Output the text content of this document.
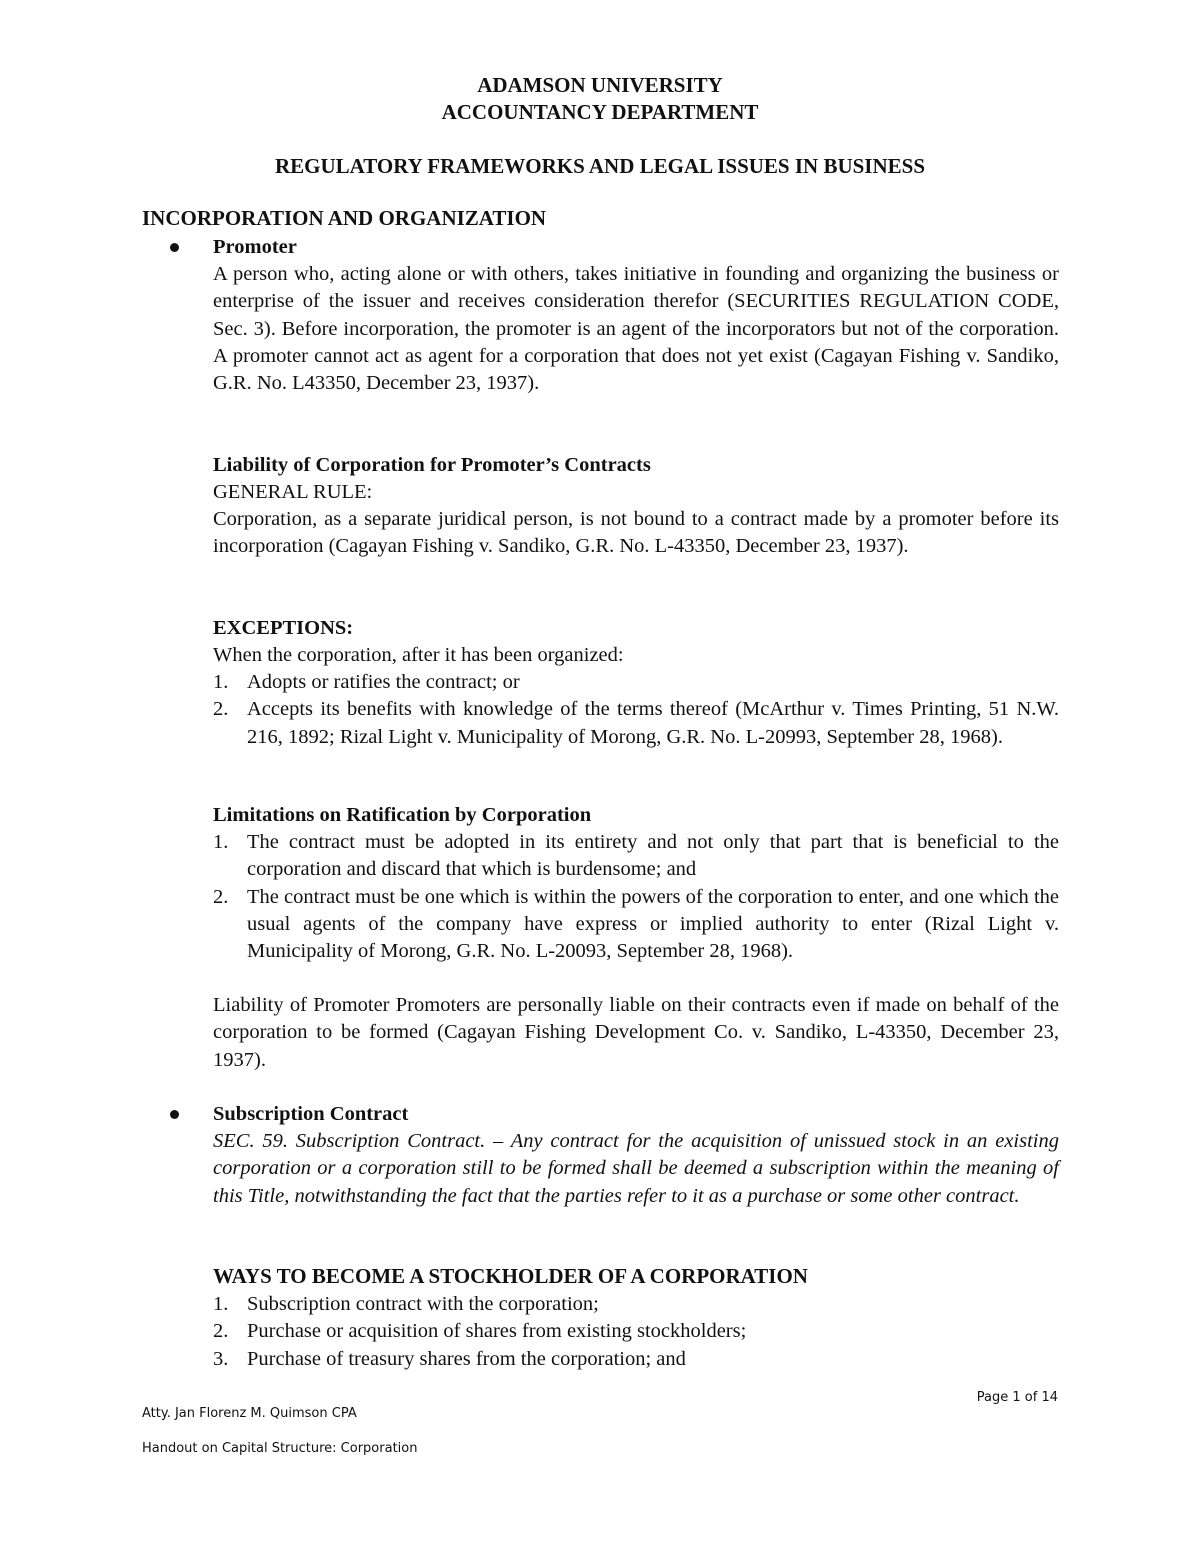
ADAMSON UNIVERSITY
ACCOUNTANCY DEPARTMENT
REGULATORY FRAMEWORKS AND LEGAL ISSUES IN BUSINESS
INCORPORATION AND ORGANIZATION
Promoter

A person who, acting alone or with others, takes initiative in founding and organizing the business or enterprise of the issuer and receives consideration therefor (SECURITIES REGULATION CODE, Sec. 3). Before incorporation, the promoter is an agent of the incorporators but not of the corporation. A promoter cannot act as agent for a corporation that does not yet exist (Cagayan Fishing v. Sandiko, G.R. No. L43350, December 23, 1937).

Liability of Corporation for Promoter’s Contracts
GENERAL RULE:

Corporation, as a separate juridical person, is not bound to a contract made by a promoter before its incorporation (Cagayan Fishing v. Sandiko, G.R. No. L-43350, December 23, 1937).

EXCEPTIONS:
When the corporation, after it has been organized:
1. Adopts or ratifies the contract; or
2. Accepts its benefits with knowledge of the terms thereof (McArthur v. Times Printing, 51 N.W. 216, 1892; Rizal Light v. Municipality of Morong, G.R. No. L-20993, September 28, 1968).
Limitations on Ratification by Corporation
1. The contract must be adopted in its entirety and not only that part that is beneficial to the corporation and discard that which is burdensome; and
2. The contract must be one which is within the powers of the corporation to enter, and one which the usual agents of the company have express or implied authority to enter (Rizal Light v. Municipality of Morong, G.R. No. L-20093, September 28, 1968).

Liability of Promoter Promoters are personally liable on their contracts even if made on behalf of the corporation to be formed (Cagayan Fishing Development Co. v. Sandiko, L-43350, December 23, 1937).

Subscription Contract

SEC. 59. Subscription Contract. – Any contract for the acquisition of unissued stock in an existing corporation or a corporation still to be formed shall be deemed a subscription within the meaning of this Title, notwithstanding the fact that the parties refer to it as a purchase or some other contract.

WAYS TO BECOME A STOCKHOLDER OF A CORPORATION
1. Subscription contract with the corporation;
2. Purchase or acquisition of shares from existing stockholders;
3. Purchase of treasury shares from the corporation; and
Page 1 of 14
Atty. Jan Florenz M. Quimson CPA
Handout on Capital Structure: Corporation
